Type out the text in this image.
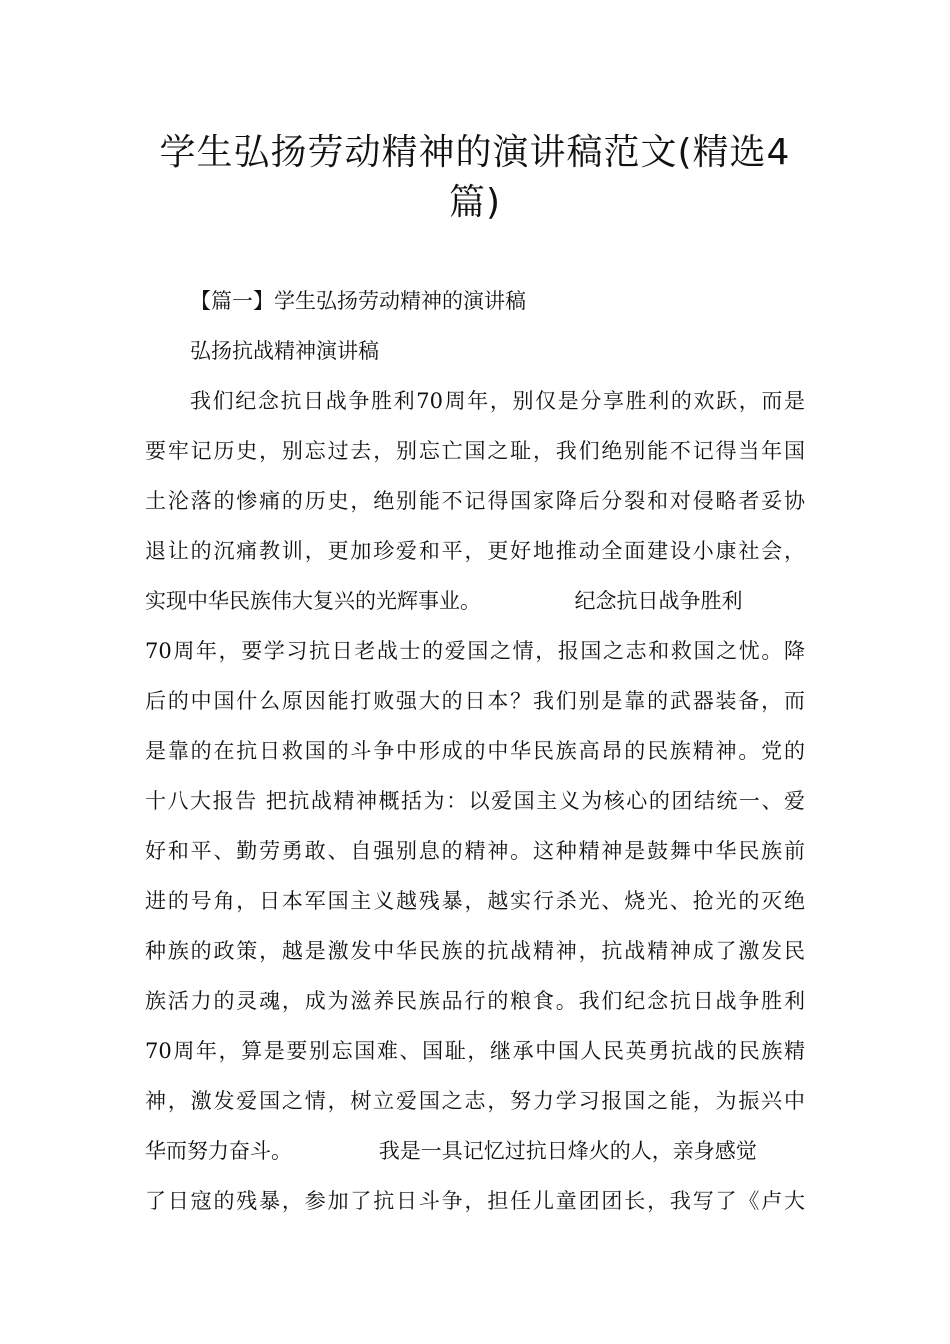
学生弘扬劳动精神的演讲稿范文(精选4
篇)
【篇一】学生弘扬劳动精神的演讲稿

弘扬抗战精神演讲稿

我们纪念抗日战争胜利70周年，别仅是分享胜利的欢跃，而是

要牢记历史，别忘过去，别忘亡国之耻，我们绝别能不记得当年国

土沦落的惨痛的历史，绝别能不记得国家降后分裂和对侵略者妥协

退让的沉痛教训，更加珍爱和平，更好地推动全面建设小康社会，

实现中华民族伟大复兴的光辉事业。              纪念抗日战争胜利

70周年，要学习抗日老战士的爱国之情，报国之志和救国之忧。降

后的中国什么原因能打败强大的日本？我们别是靠的武器装备，而

是靠的在抗日救国的斗争中形成的中华民族高昂的民族精神。党的

十八大报告 把抗战精神概括为：以爱国主义为核心的团结统一、爱

好和平、勤劳勇敢、自强别息的精神。这种精神是鼓舞中华民族前

进的号角，日本军国主义越残暴，越实行杀光、烧光、抢光的灭绝

种族的政策，越是激发中华民族的抗战精神，抗战精神成了激发民

族活力的灵魂，成为滋养民族品行的粮食。我们纪念抗日战争胜利

70周年，算是要别忘国难、国耻，继承中国人民英勇抗战的民族精

神，激发爱国之情，树立爱国之志，努力学习报国之能，为振兴中

华而努力奋斗。             我是一具记忆过抗日烽火的人，亲身感觉

了日寇的残暴，参加了抗日斗争，担任儿童团团长，我写了《卢大
